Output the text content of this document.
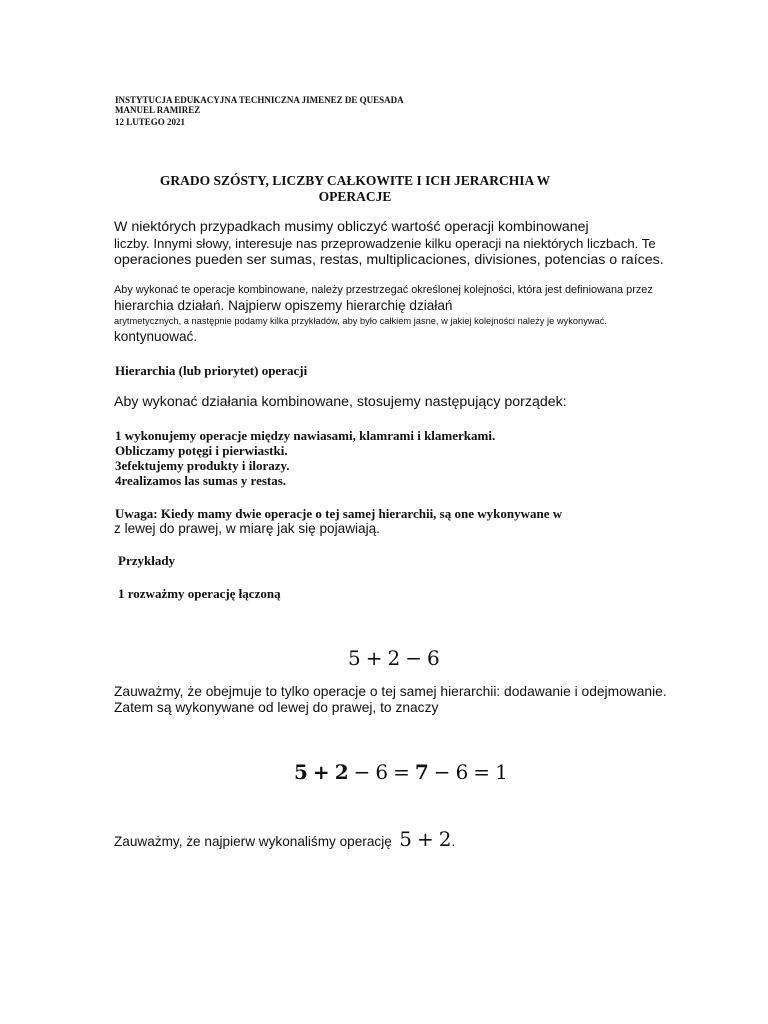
INSTYTUCJA EDUKACYJNA TECHNICZNA JIMENEZ DE QUESADA
MANUEL RAMIREZ
12 LUTEGO 2021
GRADO SZÓSTY, LICZBY CAŁKOWITE I ICH JERARCHIA W
OPERACJE
W niektórych przypadkach musimy obliczyć wartość operacji kombinowanej
liczby. Innymi słowy, interesuje nas przeprowadzenie kilku operacji na niektórych liczbach. Te
operaciones pueden ser sumas, restas, multiplicaciones, divisiones, potencias o raíces.
Aby wykonać te operacje kombinowane, należy przestrzegać określonej kolejności, która jest definiowana przez
hierarchia działań. Najpierw opiszemy hierarchię działań
arytmetycznych, a następnie podamy kilka przykładów, aby było całkiem jasne, w jakiej kolejności należy je wykonywać.
kontynuować.
Hierarchia (lub priorytet) operacji
Aby wykonać działania kombinowane, stosujemy następujący porządek:
1 wykonujemy operacje między nawiasami, klamrami i klamerkami.
Obliczamy potęgi i pierwiastki.
3efektujemy produkty i ilorazy.
4realizamos las sumas y restas.
Uwaga: Kiedy mamy dwie operacje o tej samej hierarchii, są one wykonywane w
z lewej do prawej, w miarę jak się pojawiają.
Przykłady
1 rozważmy operację łączoną
5 + 2 − 6
Zauważmy, że obejmuje to tylko operacje o tej samej hierarchii: dodawanie i odejmowanie.
Zatem są wykonywane od lewej do prawej, to znaczy
5 + 2 − 6 = 7 − 6 = 1
Zauważmy, że najpierw wykonaliśmy operację 5 + 2.
